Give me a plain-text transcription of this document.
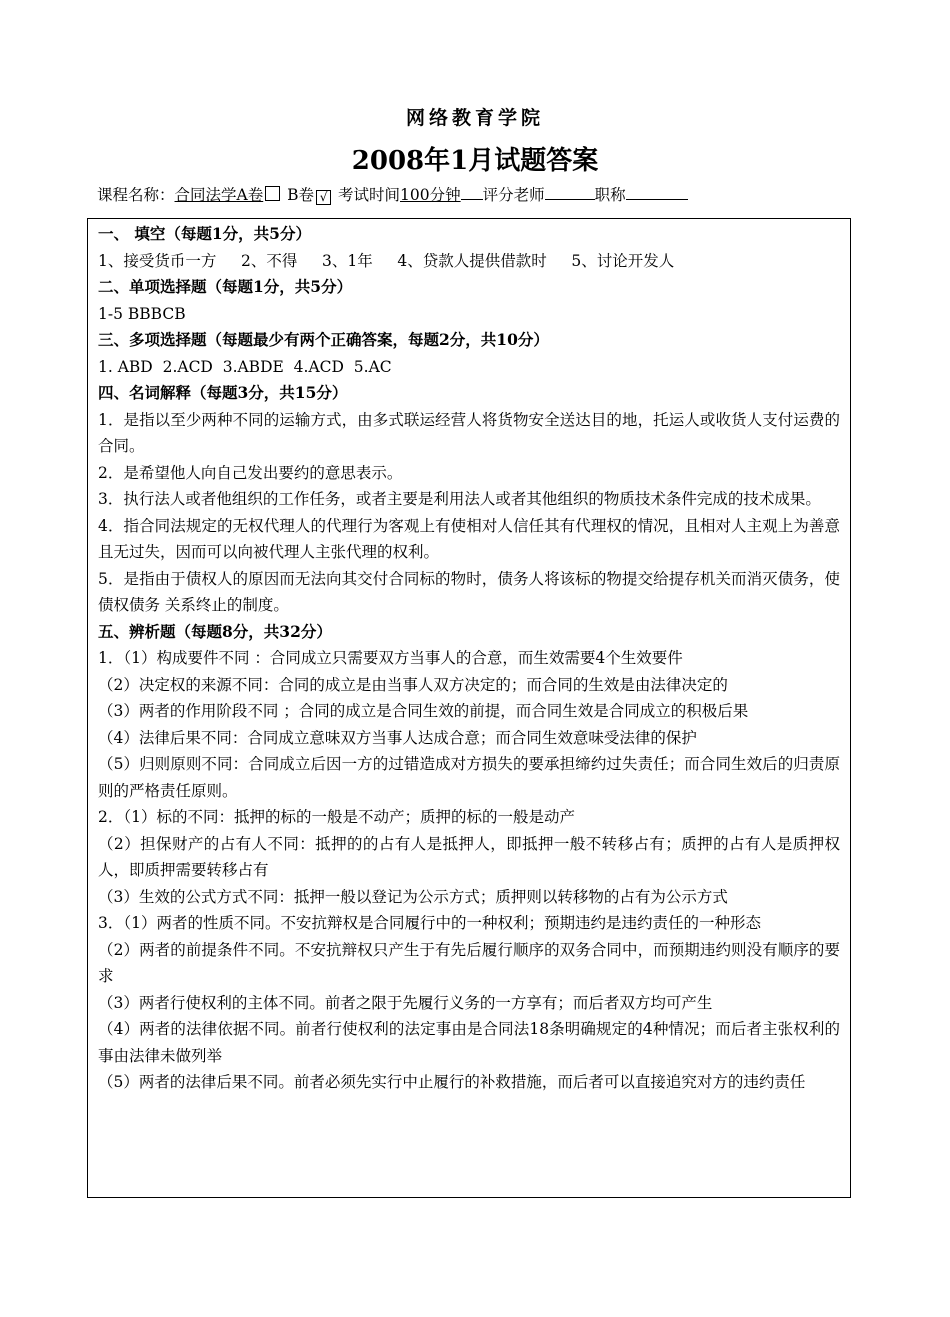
网络教育学院
2008年1月试题答案
课程名称：合同法学A卷 B卷 √ 考试时间100分钟 评分老师	职称
一、 填空（每题1分，共5分）
1、接受货币一方 2、不得 3、1年 4、贷款人提供借款时 5、讨论开发人
二、单项选择题（每题1分，共5分）
1-5 BBBCB
三、多项选择题（每题最少有两个正确答案，每题2分，共10分）
1. ABD  2.ACD  3.ABDE  4.ACD  5.AC
四、名词解释（每题3分，共15分）
1．是指以至少两种不同的运输方式，由多式联运经营人将货物安全送达目的地，托运人或收货人支付运费的合同。
2．是希望他人向自己发出要约的意思表示。
3．执行法人或者他组织的工作任务，或者主要是利用法人或者其他组织的物质技术条件完成的技术成果。
4．指合同法规定的无权代理人的代理行为客观上有使相对人信任其有代理权的情况，且相对人主观上为善意且无过失，因而可以向被代理人主张代理的权利。
5．是指由于债权人的原因而无法向其交付合同标的物时，债务人将该标的物提交给提存机关而消灭债务，使债权债务 关系终止的制度。
五、辨析题（每题8分，共32分）
1．（1）构成要件不同 ：合同成立只需要双方当事人的合意，而生效需要4个生效要件
（2）决定权的来源不同：合同的成立是由当事人双方决定的；而合同的生效是由法律决定的
（3）两者的作用阶段不同 ；合同的成立是合同生效的前提，而合同生效是合同成立的积极后果
（4）法律后果不同：合同成立意味双方当事人达成合意；而合同生效意味受法律的保护
（5）归则原则不同：合同成立后因一方的过错造成对方损失的要承担缔约过失责任；而合同生效后的归责原则的严格责任原则。
2．（1）标的不同：抵押的标的一般是不动产；质押的标的一般是动产
（2）担保财产的占有人不同：抵押的的占有人是抵押人，即抵押一般不转移占有；质押的占有人是质押权人，即质押需要转移占有
（3）生效的公式方式不同：抵押一般以登记为公示方式；质押则以转移物的占有为公示方式
3．（1）两者的性质不同。不安抗辩权是合同履行中的一种权利；预期违约是违约责任的一种形态
（2）两者的前提条件不同。不安抗辩权只产生于有先后履行顺序的双务合同中，而预期违约则没有顺序的要求
（3）两者行使权利的主体不同。前者之限于先履行义务的一方享有；而后者双方均可产生
（4）两者的法律依据不同。前者行使权利的法定事由是合同法18条明确规定的4种情况；而后者主张权利的事由法律未做列举
（5）两者的法律后果不同。前者必须先实行中止履行的补救措施，而后者可以直接追究对方的违约责任
